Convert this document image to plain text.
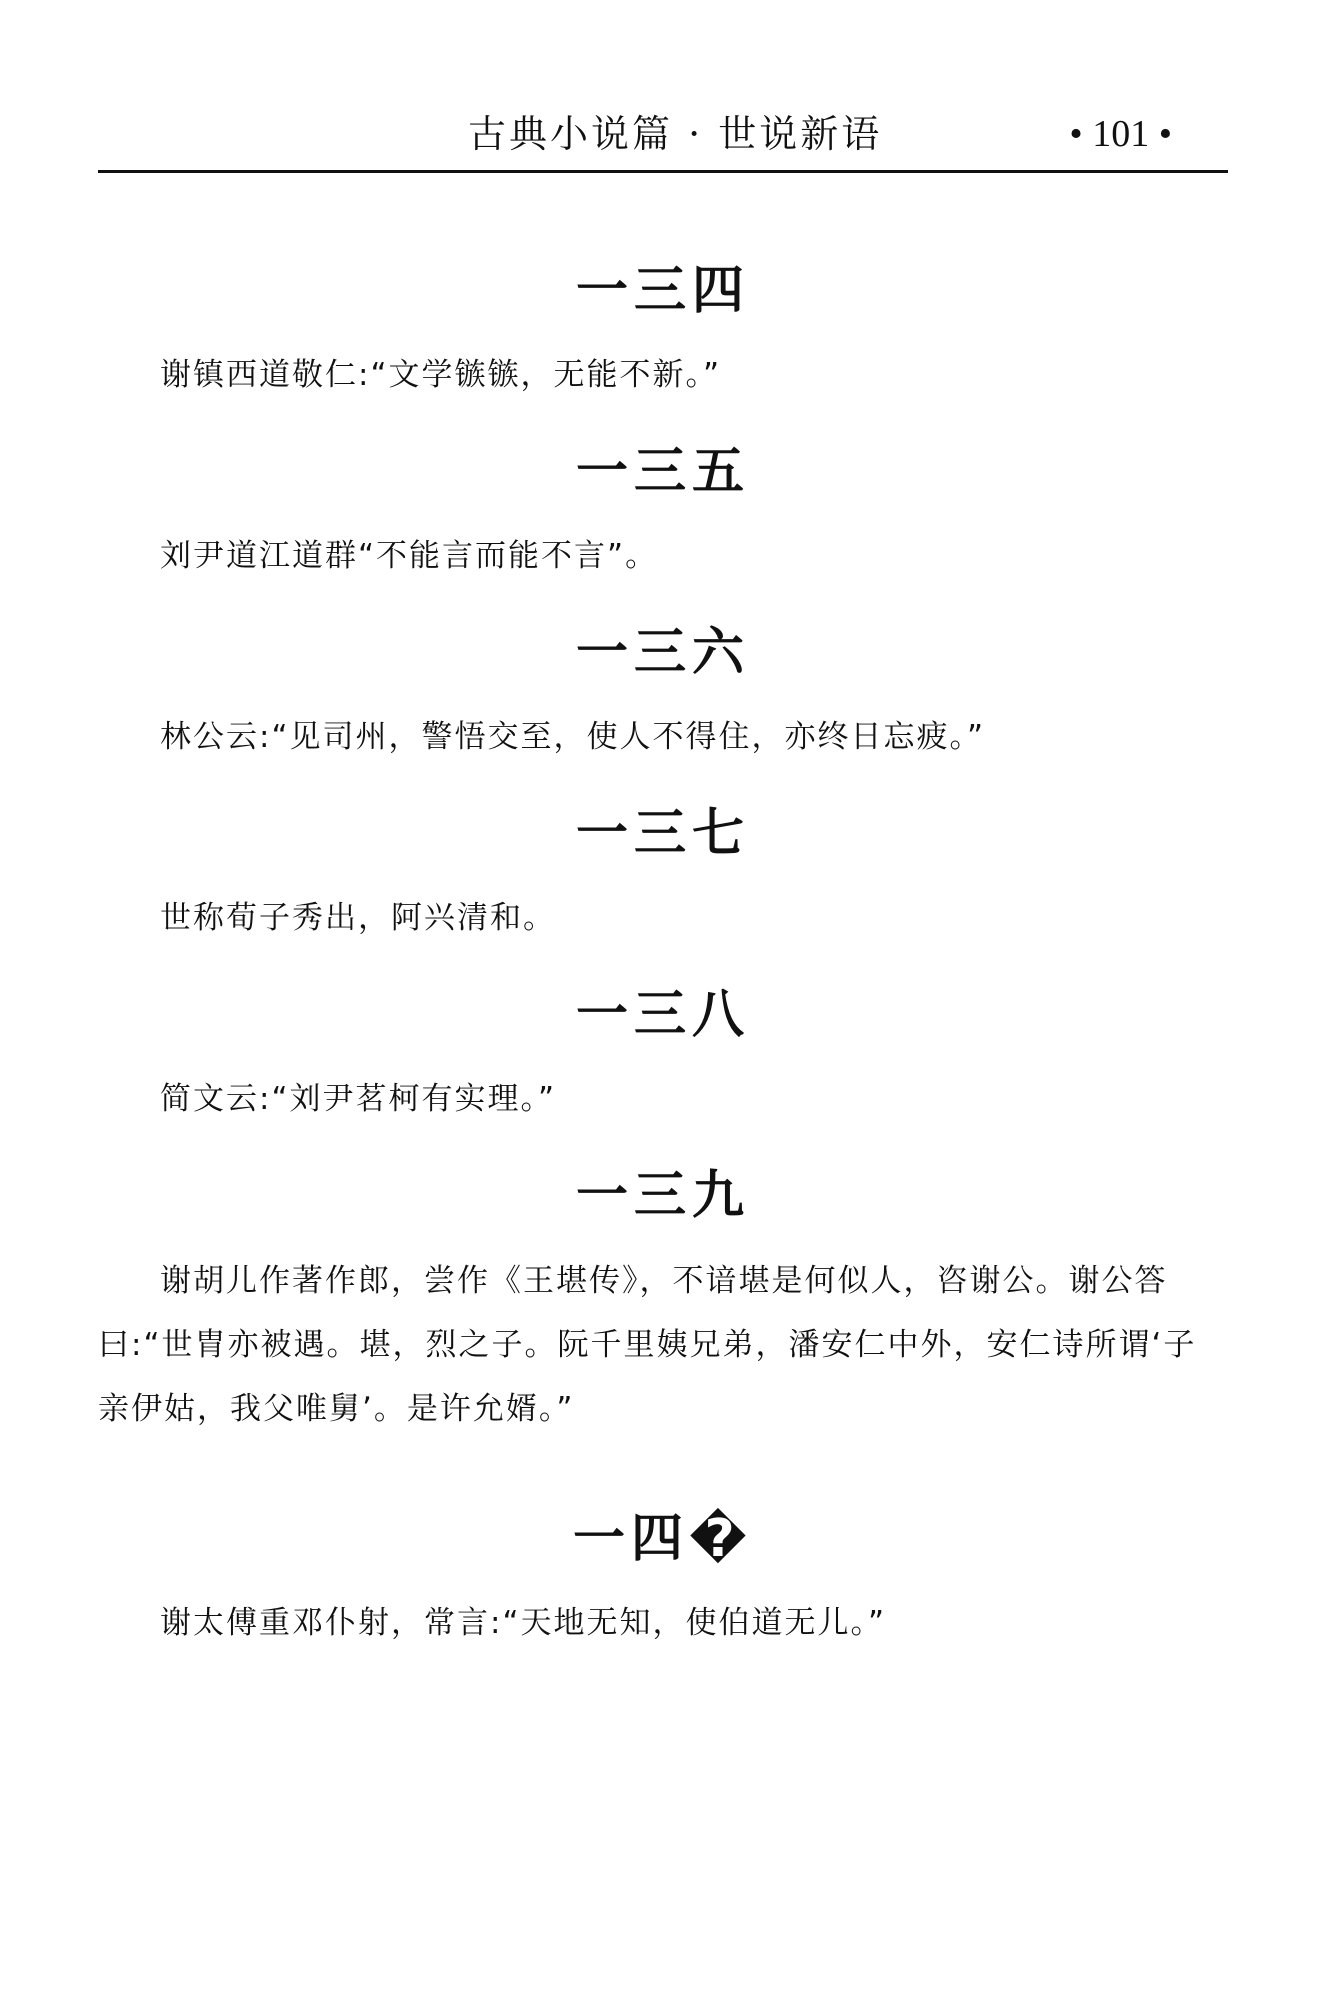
古典小说篇 · 世说新语	• 101 •
一三四

谢镇西道敬仁:“文学镞镞，无能不新。”

一三五

刘尹道江道群“不能言而能不言”。

一三六

林公云:“见司州，警悟交至，使人不得住，亦终日忘疲。”

一三七

世称荀子秀出，阿兴清和。

一三八

简文云:“刘尹茗柯有实理。”

一三九

谢胡儿作著作郎，尝作《王堪传》，不谙堪是何似人，咨谢公。谢公答曰:“世胄亦被遇。堪，烈之子。阮千里姨兄弟，潘安仁中外，安仁诗所谓‘子亲伊姑，我父唯舅’。是许允婿。”

一四�

谢太傅重邓仆射，常言:“天地无知，使伯道无儿。”
